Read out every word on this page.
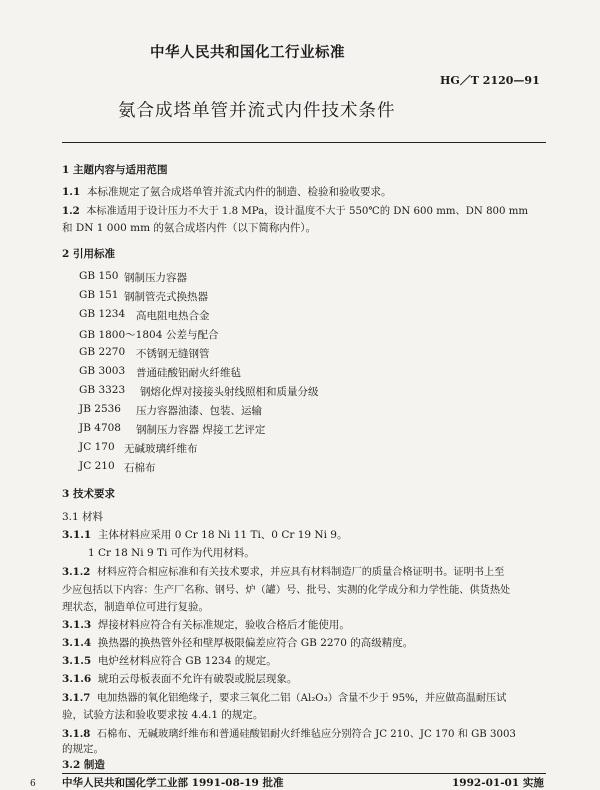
中华人民共和国化工行业标准
HG／T 2120—91
氨合成塔单管并流式内件技术条件
1 主题内容与适用范围
1.1 本标准规定了氨合成塔单管并流式内件的制造、检验和验收要求。
1.2 本标准适用于设计压力不大于 1.8 MPa，设计温度不大于 550℃的 DN 600 mm、DN 800 mm
和 DN 1 000 mm 的氨合成塔内件（以下简称内件）。
2 引用标准
GB 150 钢制压力容器
GB 151 钢制管壳式换热器
GB 1234 高电阻电热合金
GB 1800～1804 公差与配合
GB 2270 不锈钢无缝钢管
GB 3003 普通硅酸铝耐火纤维毡
GB 3323 钢熔化焊对接接头射线照相和质量分级
JB 2536 压力容器油漆、包装、运输
JB 4708 钢制压力容器 焊接工艺评定
JC 170 无碱玻璃纤维布
JC 210 石棉布
3 技术要求
3.1 材料
3.1.1 主体材料应采用 0 Cr 18 Ni 11 Ti、0 Cr 19 Ni 9。
1 Cr 18 Ni 9 Ti 可作为代用材料。
3.1.2 材料应符合相应标准和有关技术要求，并应具有材料制造厂的质量合格证明书。证明书上至
少应包括以下内容：生产厂名称、钢号、炉（罐）号、批号、实测的化学成分和力学性能、供货热处
理状态，制造单位可进行复验。
3.1.3 焊接材料应符合有关标准规定，验收合格后才能使用。
3.1.4 换热器的换热管外径和壁厚极限偏差应符合 GB 2270 的高级精度。
3.1.5 电炉丝材料应符合 GB 1234 的规定。
3.1.6 琥珀云母板表面不允许有破裂或脱层现象。
3.1.7 电加热器的氧化铝绝缘子，要求三氧化二铝（Al₂O₃）含量不少于 95%，并应做高温耐压试
验，试验方法和验收要求按 4.4.1 的规定。
3.1.8 石棉布、无碱玻璃纤维布和普通硅酸铝耐火纤维毡应分别符合 JC 210、JC 170 和 GB 3003
的规定。
3.2 制造
中华人民共和国化学工业部 1991-08-19 批准	1992-01-01 实施
6
